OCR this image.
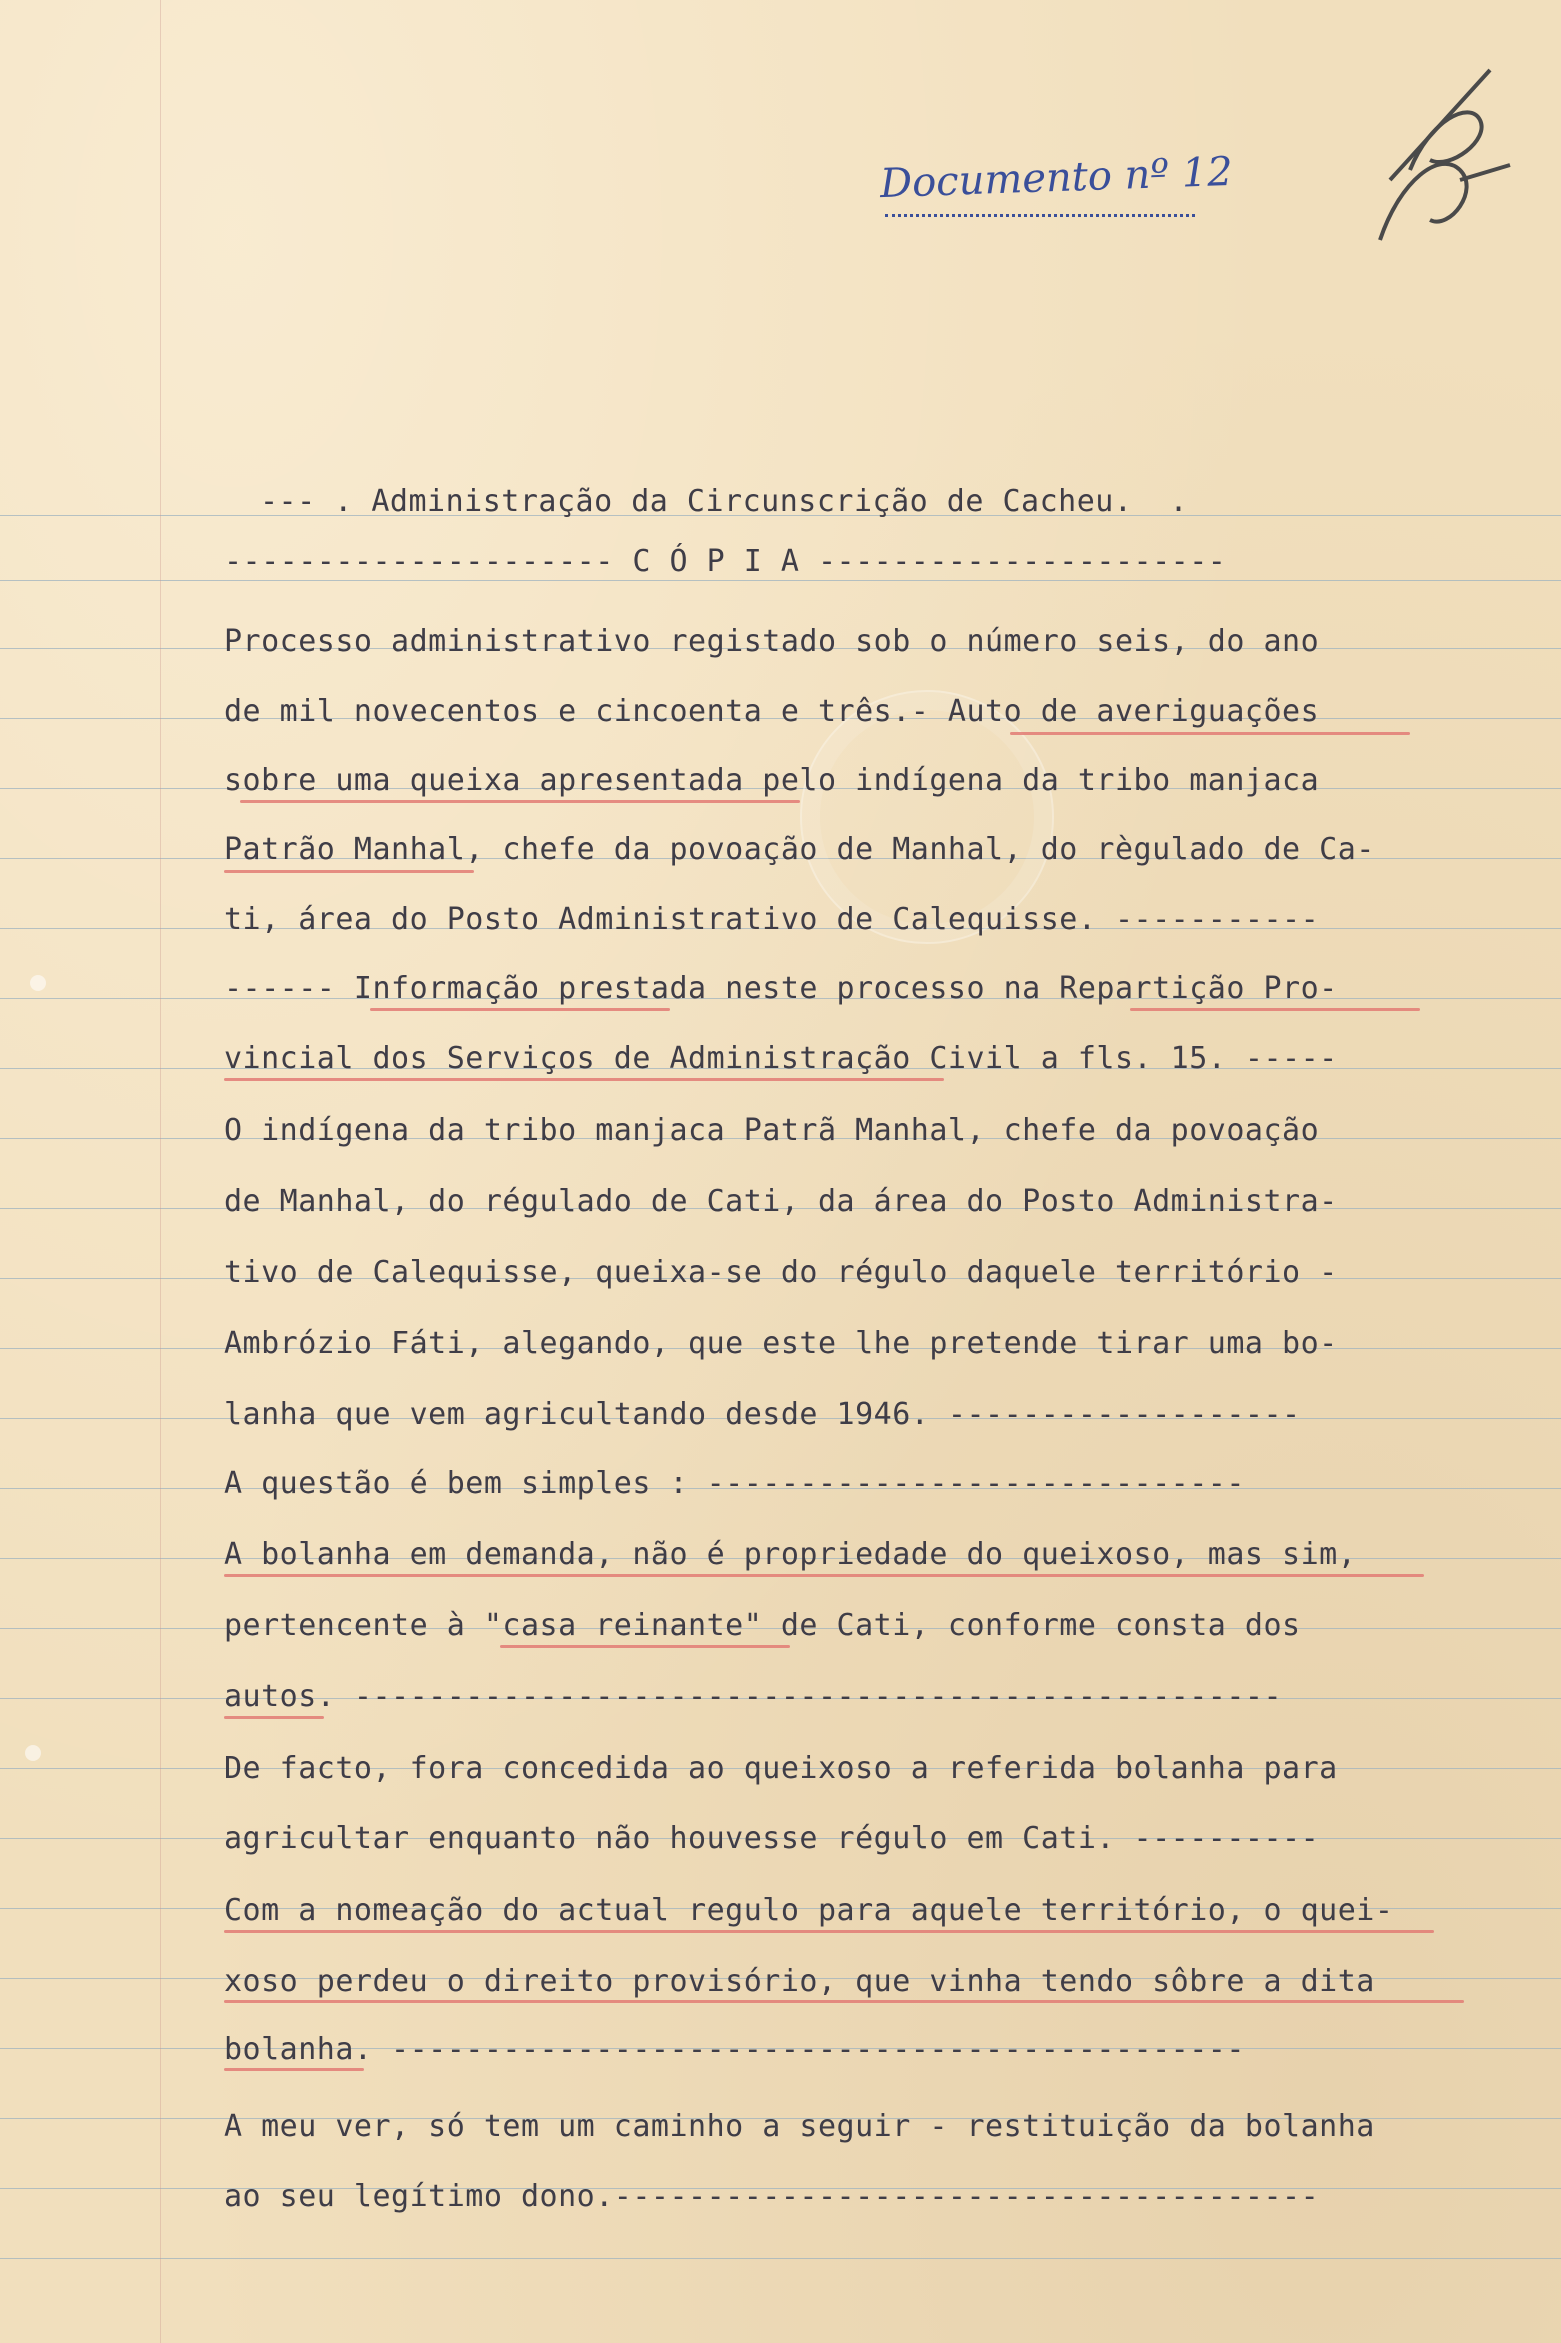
Documento nº 12
--- . Administração da Circunscrição de Cacheu.  .
--------------------- C Ó P I A ----------------------
Processo administrativo registado sob o número seis, do ano
de mil novecentos e cincoenta e três.- Auto de averiguações
sobre uma queixa apresentada pelo indígena da tribo manjaca
Patrão Manhal, chefe da povoação de Manhal, do règulado de Ca-
ti, área do Posto Administrativo de Calequisse. -----------
------ Informação prestada neste processo na Repartição Pro-
vincial dos Serviços de Administração Civil a fls. 15. -----
O indígena da tribo manjaca Patrã Manhal, chefe da povoação
de Manhal, do régulado de Cati, da área do Posto Administra-
tivo de Calequisse, queixa-se do régulo daquele território -
Ambrózio Fáti, alegando, que este lhe pretende tirar uma bo-
lanha que vem agricultando desde 1946. -------------------
A questão é bem simples : -----------------------------
A bolanha em demanda, não é propriedade do queixoso, mas sim,
pertencente à "casa reinante" de Cati, conforme consta dos
autos. --------------------------------------------------
De facto, fora concedida ao queixoso a referida bolanha para
agricultar enquanto não houvesse régulo em Cati. ----------
Com a nomeação do actual regulo para aquele território, o quei-
xoso perdeu o direito provisório, que vinha tendo sôbre a dita
bolanha. ----------------------------------------------
A meu ver, só tem um caminho a seguir - restituição da bolanha
ao seu legítimo dono.--------------------------------------
